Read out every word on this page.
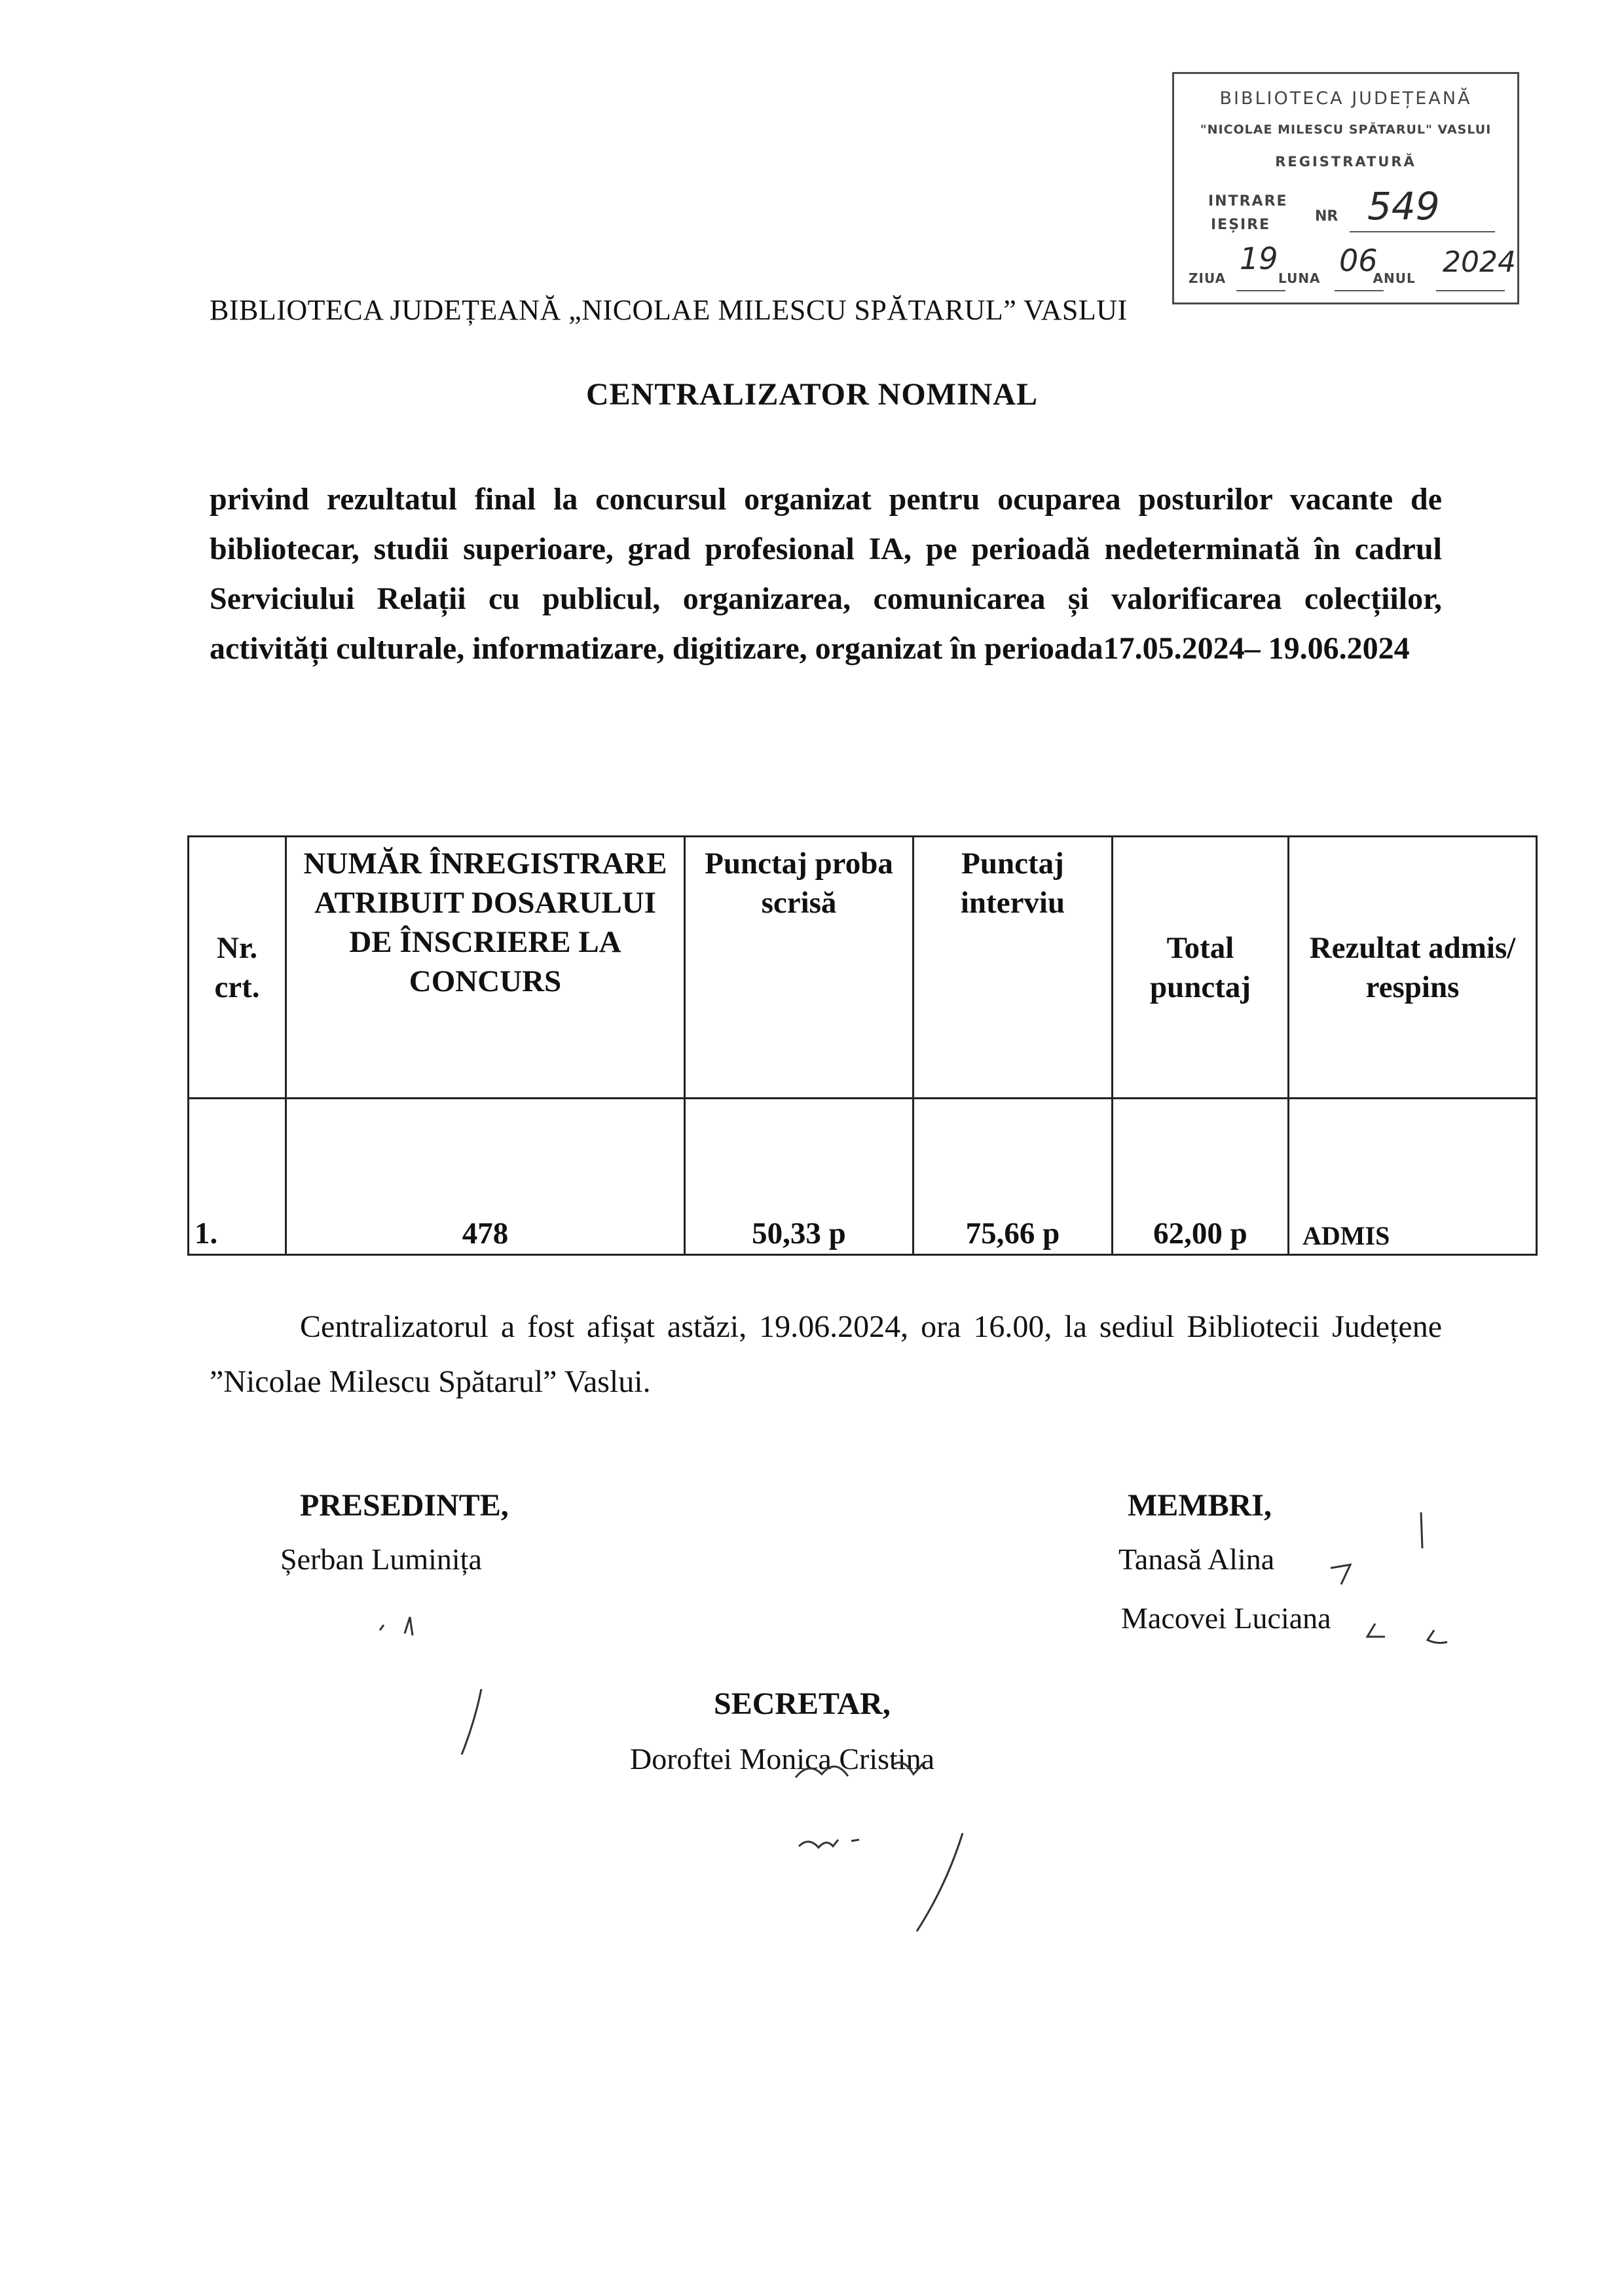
BIBLIOTECA JUDEȚEANĂ
"NICOLAE MILESCU SPĂTARUL" VASLUI
REGISTRATURĂ
INTRARE
IEȘIRE
NR 549
ZIUA	LUNA	ANUL
19 06 2024
BIBLIOTECA JUDEȚEANĂ „NICOLAE MILESCU SPĂTARUL” VASLUI
CENTRALIZATOR NOMINAL
privind rezultatul final la concursul organizat pentru ocuparea posturilor vacante de bibliotecar, studii superioare, grad profesional IA, pe perioadă nedeterminată în cadrul Serviciului Relații cu publicul, organizarea, comunicarea și valorificarea colecțiilor, activități culturale, informatizare, digitizare, organizat în perioada17.05.2024– 19.06.2024
Nr. crt.	NUMĂR ÎNREGISTRARE ATRIBUIT DOSARULUI DE ÎNSCRIERE LA CONCURS	Punctaj proba scrisă	Punctaj interviu	Total punctaj	Rezultat admis/ respins
1.	478	50,33 p	75,66 p	62,00 p	ADMIS
Centralizatorul a fost afișat astăzi, 19.06.2024, ora 16.00, la sediul Bibliotecii Județene ”Nicolae Milescu Spătarul” Vaslui.
PRESEDINTE,
Șerban Luminița
MEMBRI,
Tanasă Alina
Macovei Luciana
SECRETAR,
Doroftei Monica Cristina
